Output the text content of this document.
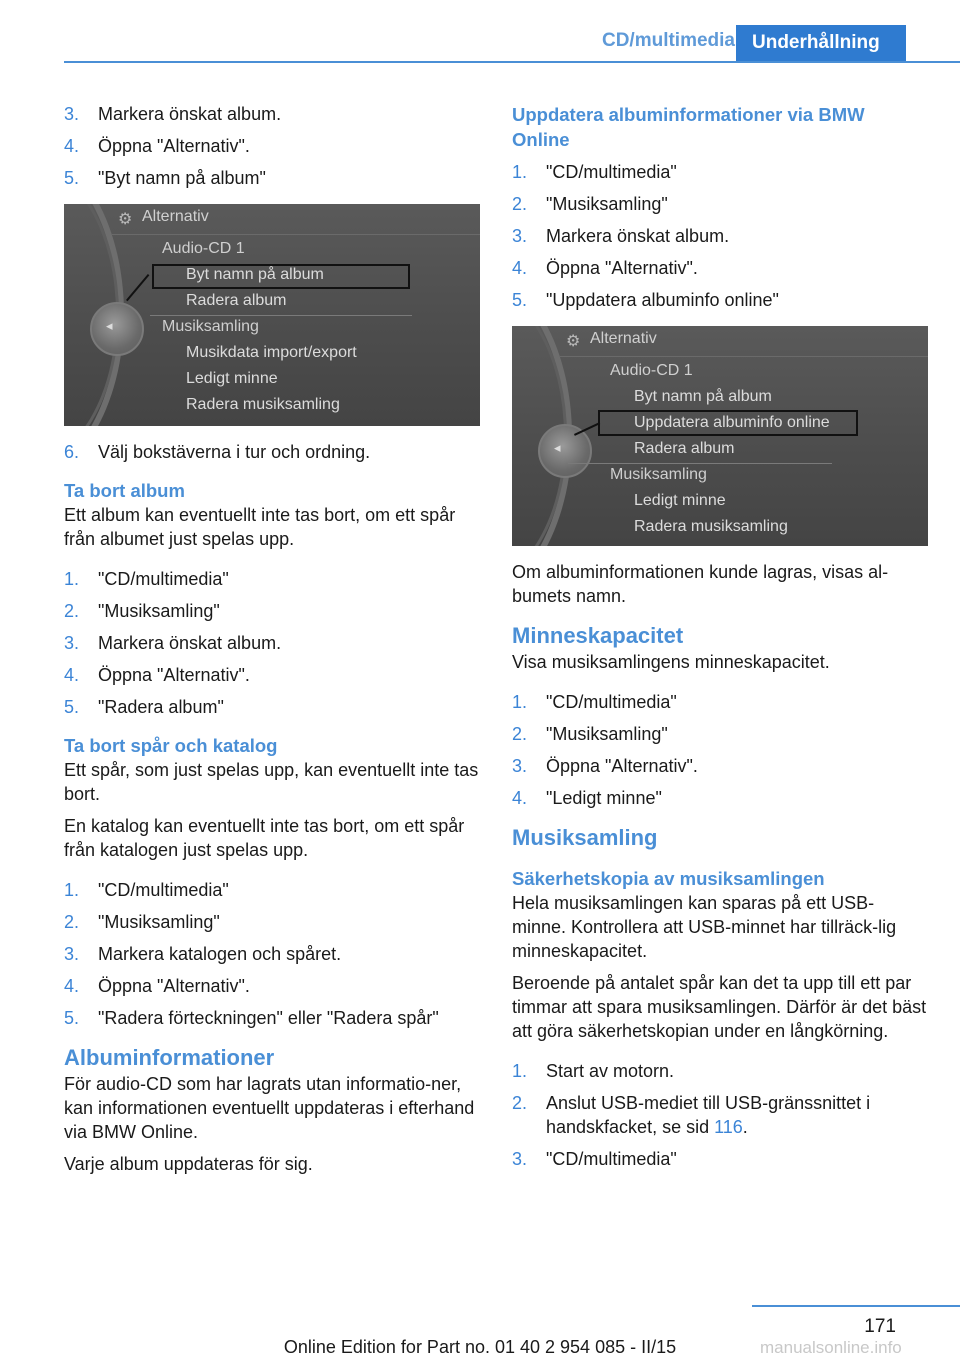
CD/multimedia Underhållning
3. Markera önskat album.
4. Öppna "Alternativ".
5. "Byt namn på album"
◂
⚙ Alternativ
Audio-CD 1
Byt namn på album
Radera album
Musiksamling
Musikdata import/export
Ledigt minne
Radera musiksamling
6. Välj bokstäverna i tur och ordning.
Ta bort album
Ett album kan eventuellt inte tas bort, om ett spår från albumet just spelas upp.
1. "CD/multimedia"
2. "Musiksamling"
3. Markera önskat album.
4. Öppna "Alternativ".
5. "Radera album"
Ta bort spår och katalog
Ett spår, som just spelas upp, kan eventuellt inte tas bort.
En katalog kan eventuellt inte tas bort, om ett spår från katalogen just spelas upp.
1. "CD/multimedia"
2. "Musiksamling"
3. Markera katalogen och spåret.
4. Öppna "Alternativ".
5. "Radera förteckningen" eller "Radera spår"
Albuminformationer
För audio-CD som har lagrats utan informatio‐ner, kan informationen eventuellt uppdateras i efterhand via BMW Online.
Varje album uppdateras för sig.
Uppdatera albuminformationer via BMW Online
1. "CD/multimedia"
2. "Musiksamling"
3. Markera önskat album.
4. Öppna "Alternativ".
5. "Uppdatera albuminfo online"
◂
⚙ Alternativ
Audio-CD 1
Byt namn på album
Uppdatera albuminfo online
Radera album
Musiksamling
Ledigt minne
Radera musiksamling
Om albuminformationen kunde lagras, visas al‐bumets namn.
Minneskapacitet
Visa musiksamlingens minneskapacitet.
1. "CD/multimedia"
2. "Musiksamling"
3. Öppna "Alternativ".
4. "Ledigt minne"
Musiksamling
Säkerhetskopia av musiksamlingen
Hela musiksamlingen kan sparas på ett USB-minne. Kontrollera att USB-minnet har tillräck‐lig minneskapacitet.
Beroende på antalet spår kan det ta upp till ett par timmar att spara musiksamlingen. Därför är det bäst att göra säkerhetskopian under en långkörning.
1. Start av motorn.
2. Anslut USB-mediet till USB-gränssnittet i handskfacket, se sid 116.
3. "CD/multimedia"
171
Online Edition for Part no. 01 40 2 954 085 - II/15	manualsonline.info
